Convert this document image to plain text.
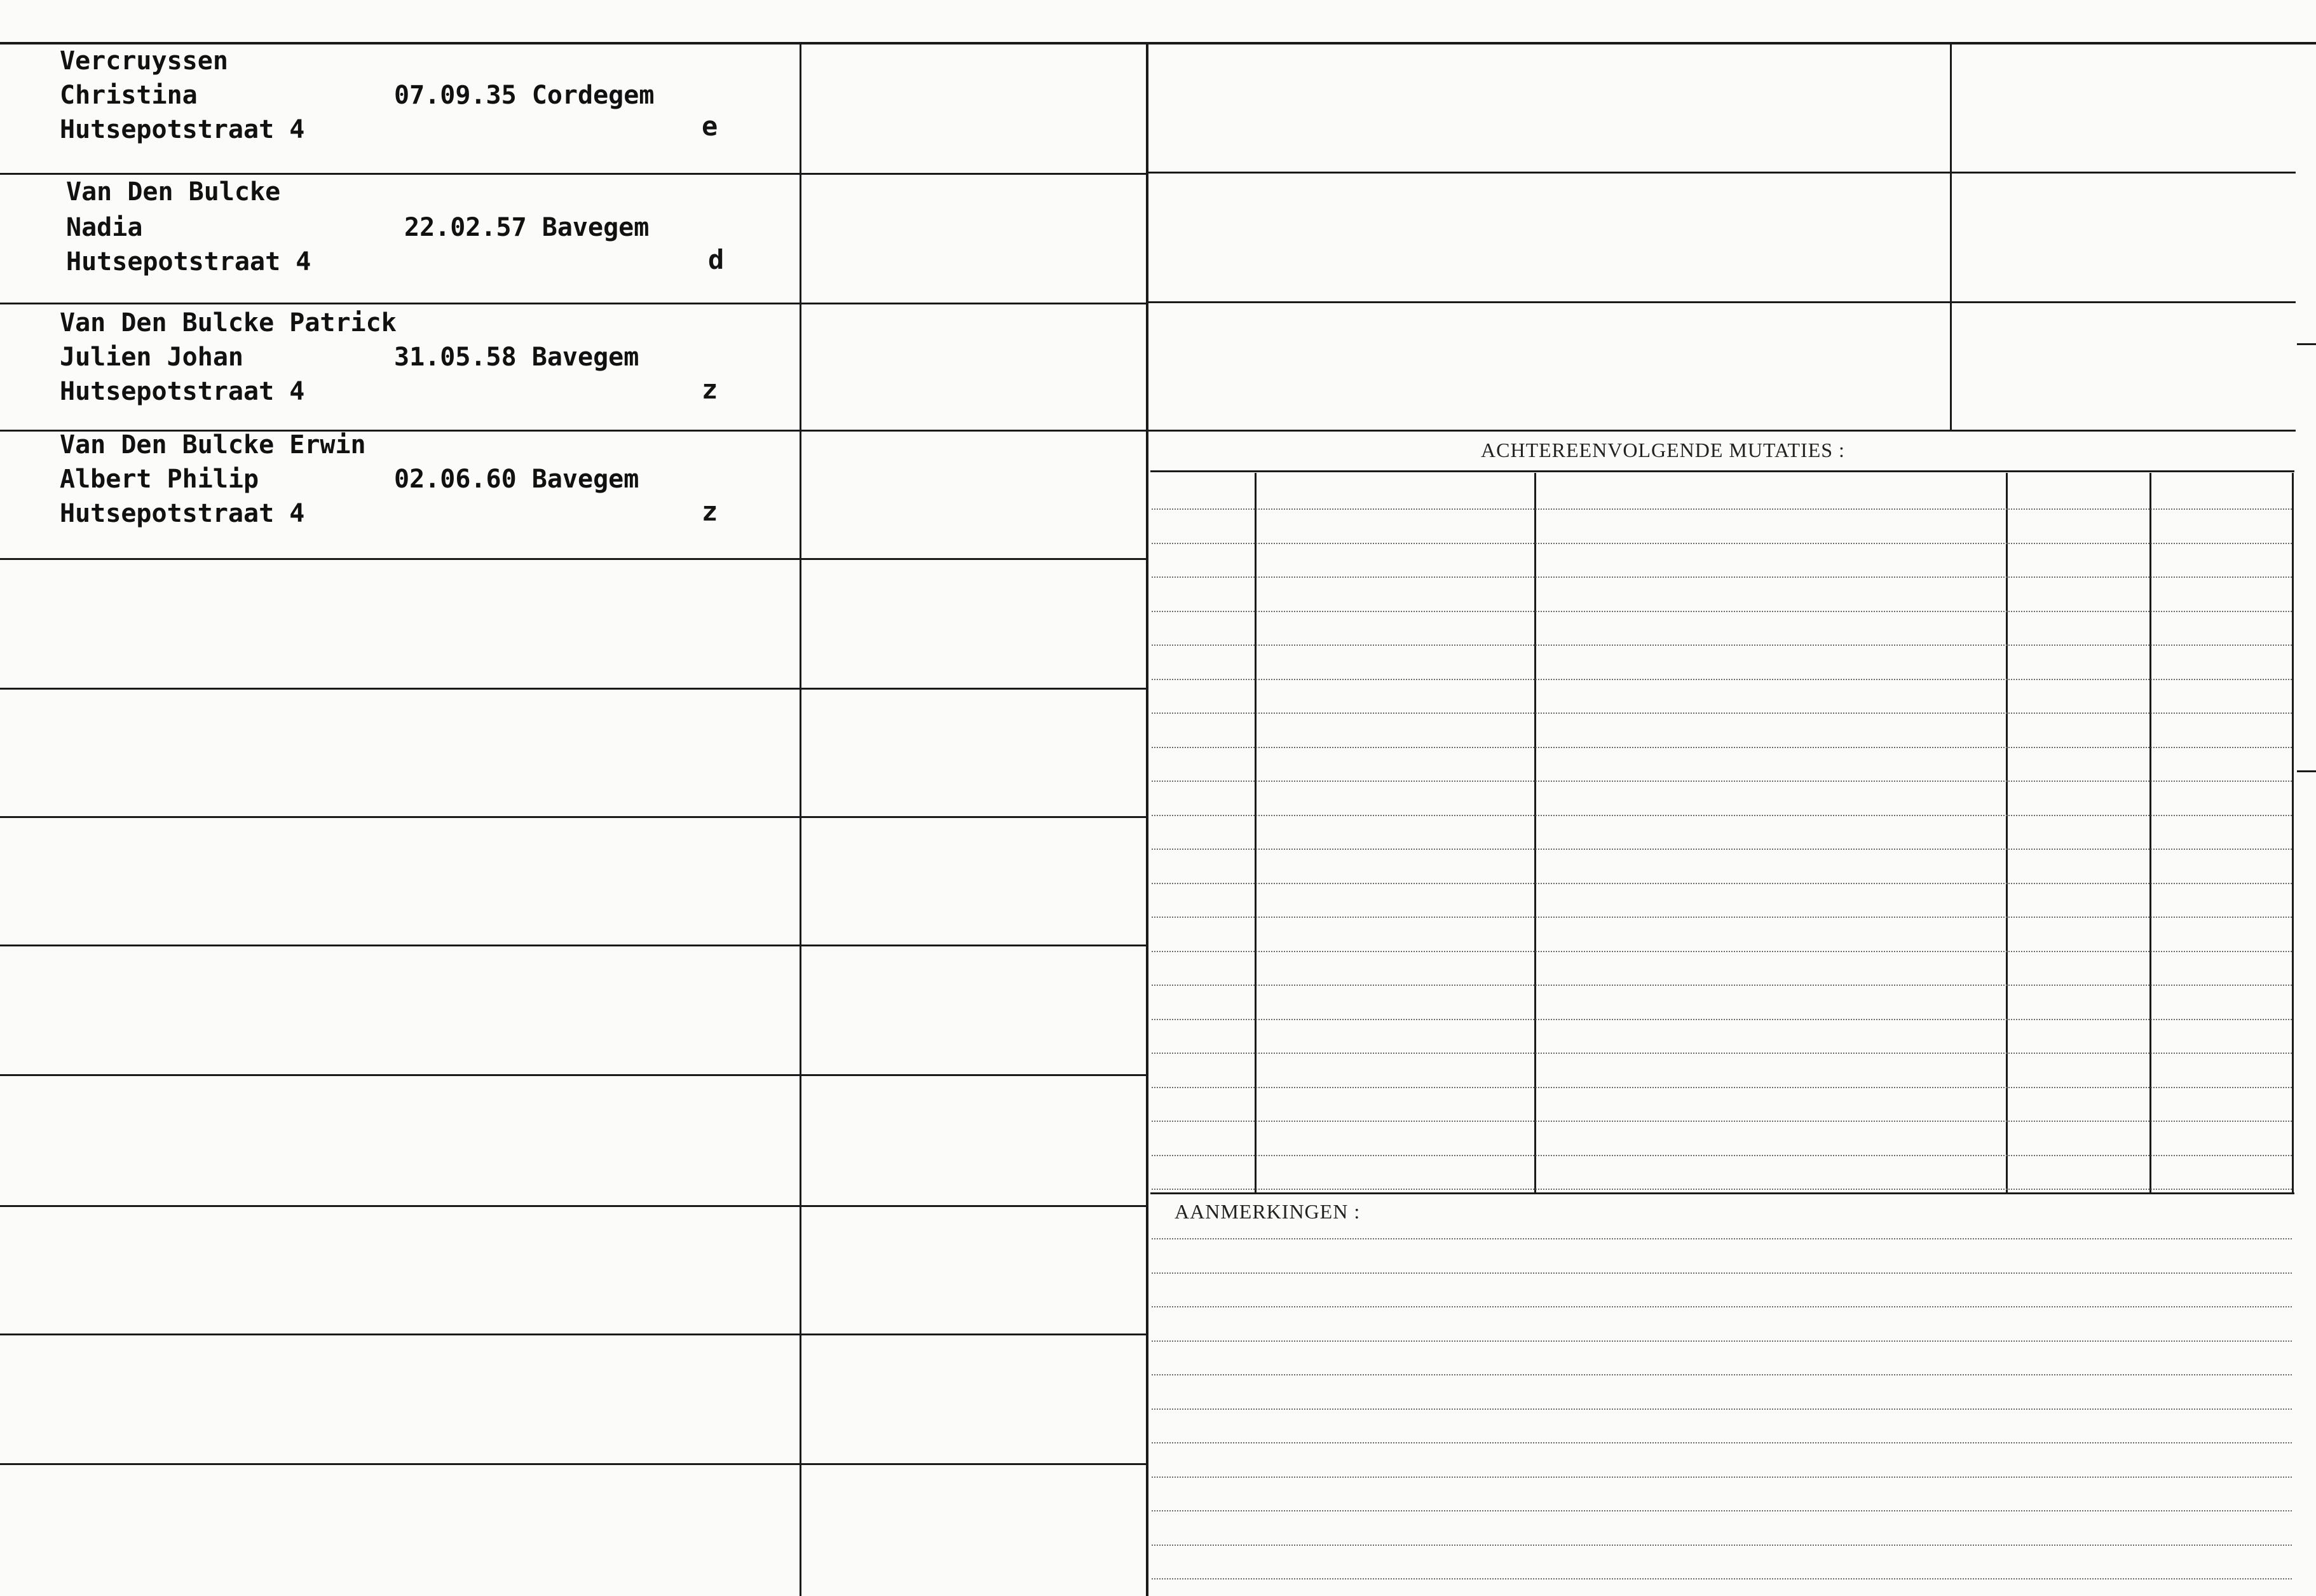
ACHTEREENVOLGENDE MUTATIES :
AANMERKINGEN :
Vercruyssen
Christina	07.09.35 Cordegem
Hutsepotstraat 4	e
Van Den Bulcke
Nadia	22.02.57 Bavegem
Hutsepotstraat 4	d
Van Den Bulcke Patrick
Julien Johan	31.05.58 Bavegem
Hutsepotstraat 4	z
Van Den Bulcke Erwin
Albert Philip	02.06.60 Bavegem
Hutsepotstraat 4	z
